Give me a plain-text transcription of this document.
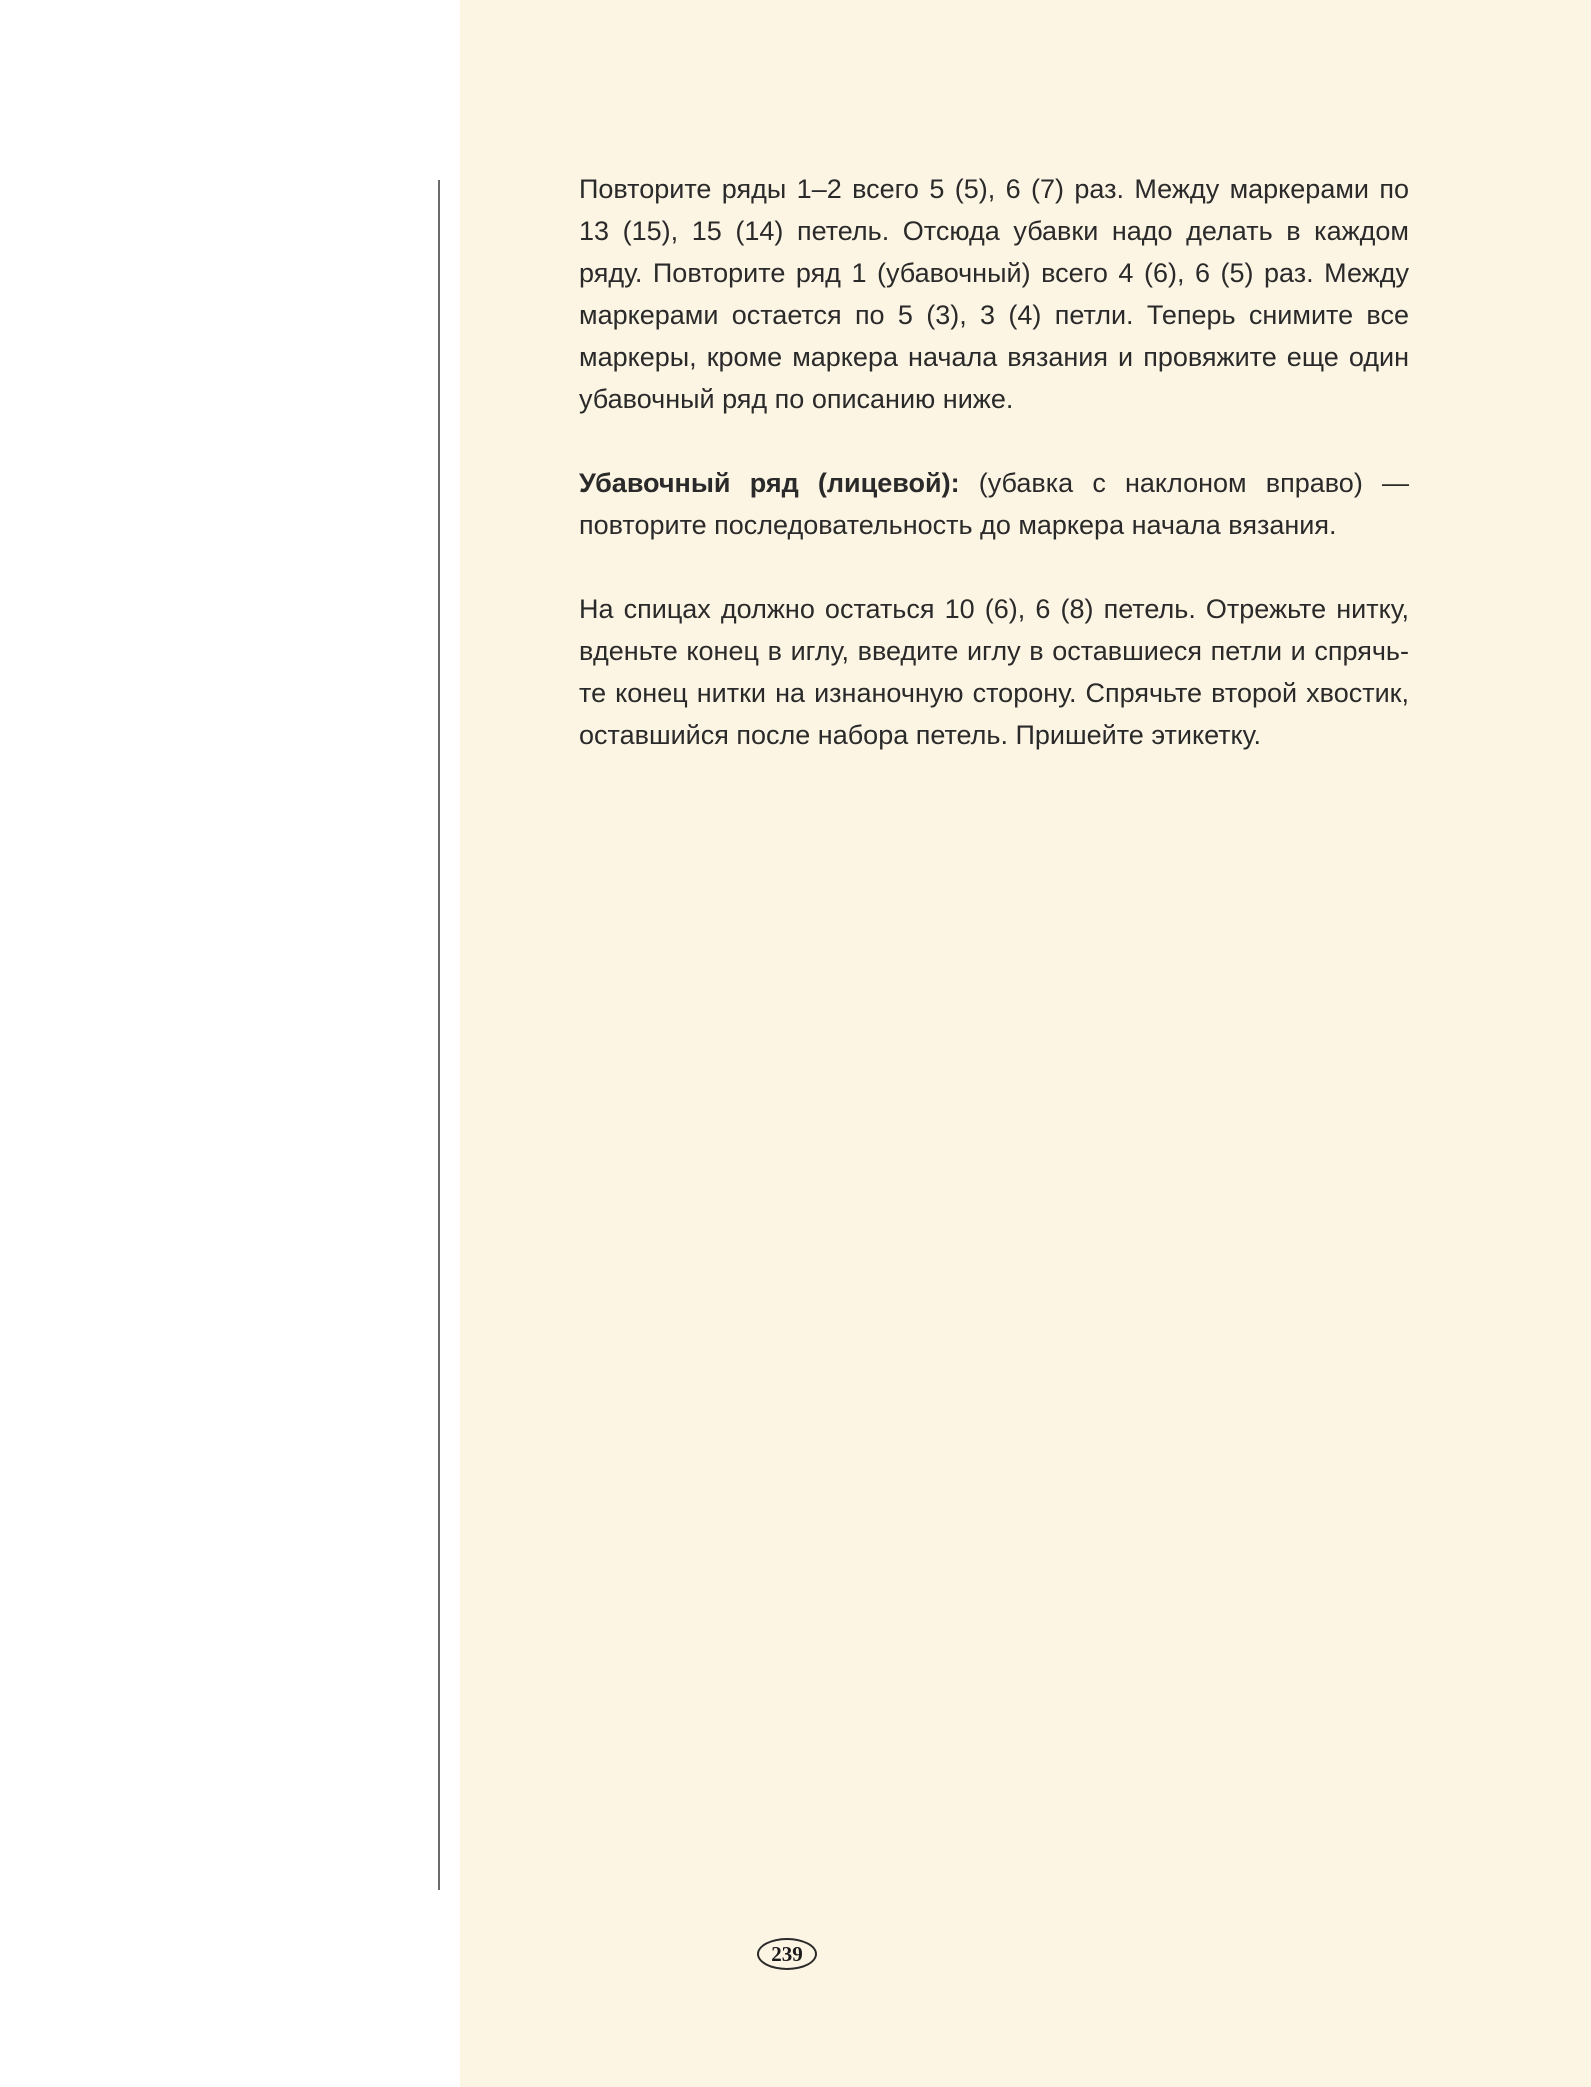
Повторите ряды 1–2 всего 5 (5), 6 (7) раз. Между маркерами по 13 (15), 15 (14) петель. Отсюда убавки надо делать в каждом ряду. Повторите ряд 1 (убавочный) всего 4 (6), 6 (5) раз. Между маркерами остается по 5 (3), 3 (4) петли. Теперь снимите все маркеры, кроме маркера начала вязания и провяжите еще один убавочный ряд по описанию ниже.

Убавочный ряд (лицевой): (убавка с наклоном вправо) — повторите последовательность до маркера начала вязания.

На спицах должно остаться 10 (6), 6 (8) петель. Отрежьте нитку, вденьте конец в иглу, введите иглу в оставшиеся петли и спрячьте конец нитки на изнаночную сторону. Спрячьте второй хвостик, оставшийся после набора петель. Пришейте этикетку.

239
